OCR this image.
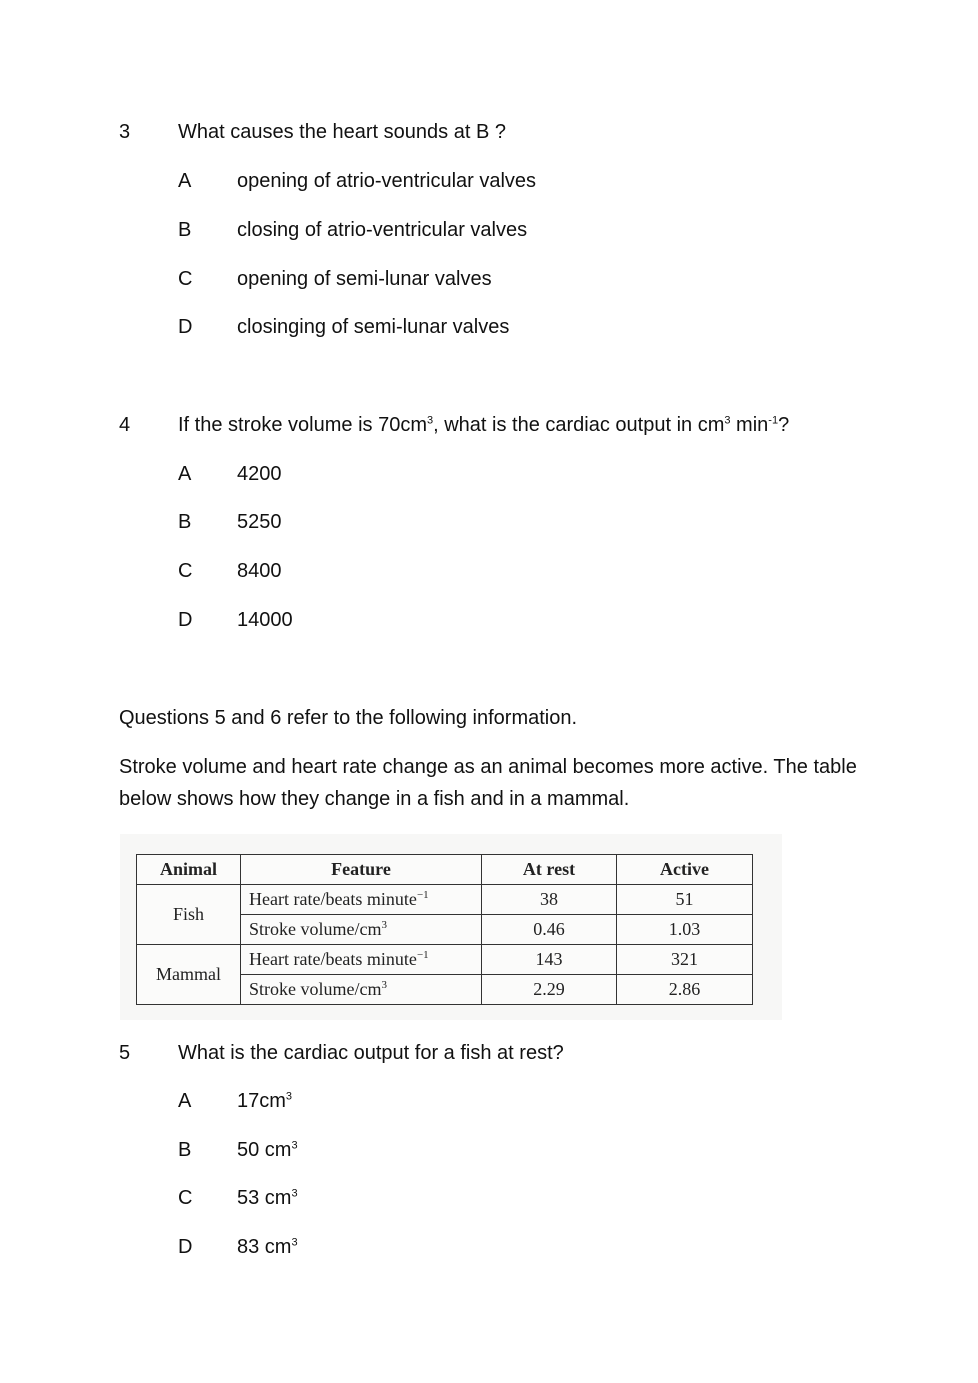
3 What causes the heart sounds at B ?
A opening of atrio-ventricular valves
B closing of atrio-ventricular valves
C opening of semi-lunar valves
D closinging of semi-lunar valves
4 If the stroke volume is $70cm^3$, what is the cardiac output in $cm^3$ $\min^{-1}$?
A 4200
B 5250
C 8400
D 14000
Questions 5 and 6 refer to the following information.
Stroke volume and heart rate change as an animal becomes more active. The table below shows how they change in a fish and in a mammal.
Animal	Feature	At rest	Active
Fish	Heart rate/beats minute$^{-1}$	38	51
	Stroke volume/$cm^3$	0.46	1.03
Mammal	Heart rate/beats minute$^{-1}$	143	321
	Stroke volume/$cm^3$	2.29	2.86
5 What is the cardiac output for a fish at rest?
A $17cm^3$
B 50 $cm^3$
C 53 $cm^3$
D 83 $cm^3$
